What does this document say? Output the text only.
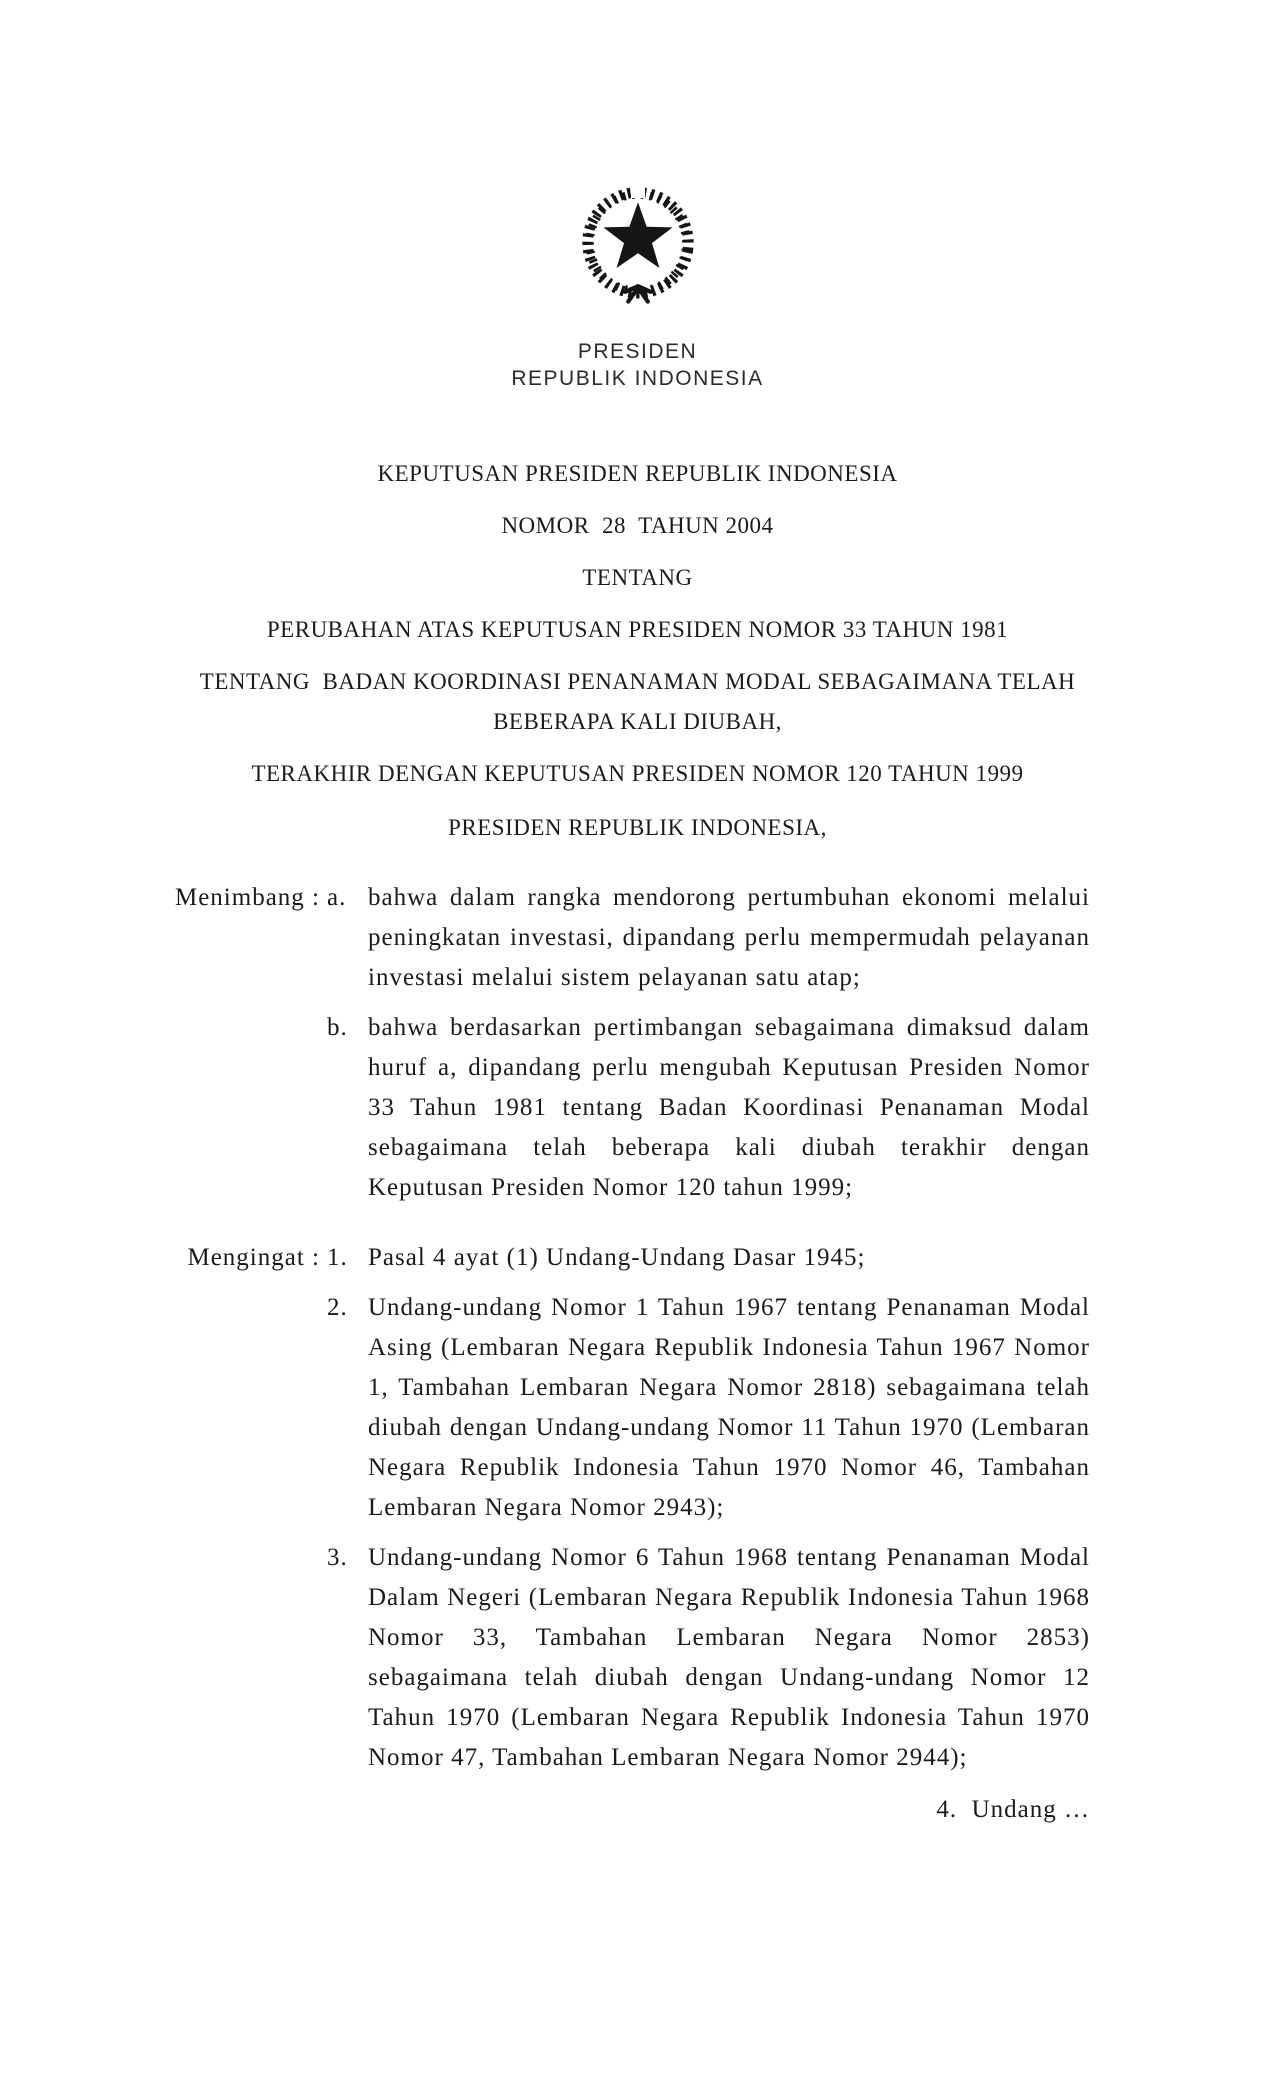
PRESIDEN
REPUBLIK INDONESIA
KEPUTUSAN PRESIDEN REPUBLIK INDONESIA
NOMOR  28  TAHUN 2004
TENTANG
PERUBAHAN ATAS KEPUTUSAN PRESIDEN NOMOR 33 TAHUN 1981
TENTANG  BADAN KOORDINASI PENANAMAN MODAL SEBAGAIMANA TELAH BEBERAPA KALI DIUBAH,
TERAKHIR DENGAN KEPUTUSAN PRESIDEN NOMOR 120 TAHUN 1999
PRESIDEN REPUBLIK INDONESIA,
Menimbang : a. bahwa dalam rangka mendorong pertumbuhan ekonomi melalui peningkatan investasi, dipandang perlu mempermudah pelayanan investasi melalui sistem pelayanan satu atap;
b. bahwa berdasarkan pertimbangan sebagaimana dimaksud dalam huruf a, dipandang perlu mengubah Keputusan Presiden Nomor 33 Tahun 1981 tentang Badan Koordinasi Penanaman Modal sebagaimana telah beberapa kali diubah terakhir dengan Keputusan Presiden Nomor 120 tahun 1999;
Mengingat : 1. Pasal 4 ayat (1) Undang-Undang Dasar 1945;
2. Undang-undang Nomor 1 Tahun 1967 tentang Penanaman Modal Asing (Lembaran Negara Republik Indonesia Tahun 1967 Nomor 1, Tambahan Lembaran Negara Nomor 2818) sebagaimana telah diubah dengan Undang-undang Nomor 11 Tahun 1970 (Lembaran Negara Republik Indonesia Tahun 1970 Nomor 46, Tambahan Lembaran Negara Nomor 2943);
3. Undang-undang Nomor 6 Tahun 1968 tentang Penanaman Modal Dalam Negeri (Lembaran Negara Republik Indonesia Tahun 1968 Nomor 33, Tambahan Lembaran Negara Nomor 2853) sebagaimana telah diubah dengan Undang-undang Nomor 12 Tahun 1970 (Lembaran Negara Republik Indonesia Tahun 1970 Nomor 47, Tambahan Lembaran Negara Nomor 2944);
4.  Undang …
